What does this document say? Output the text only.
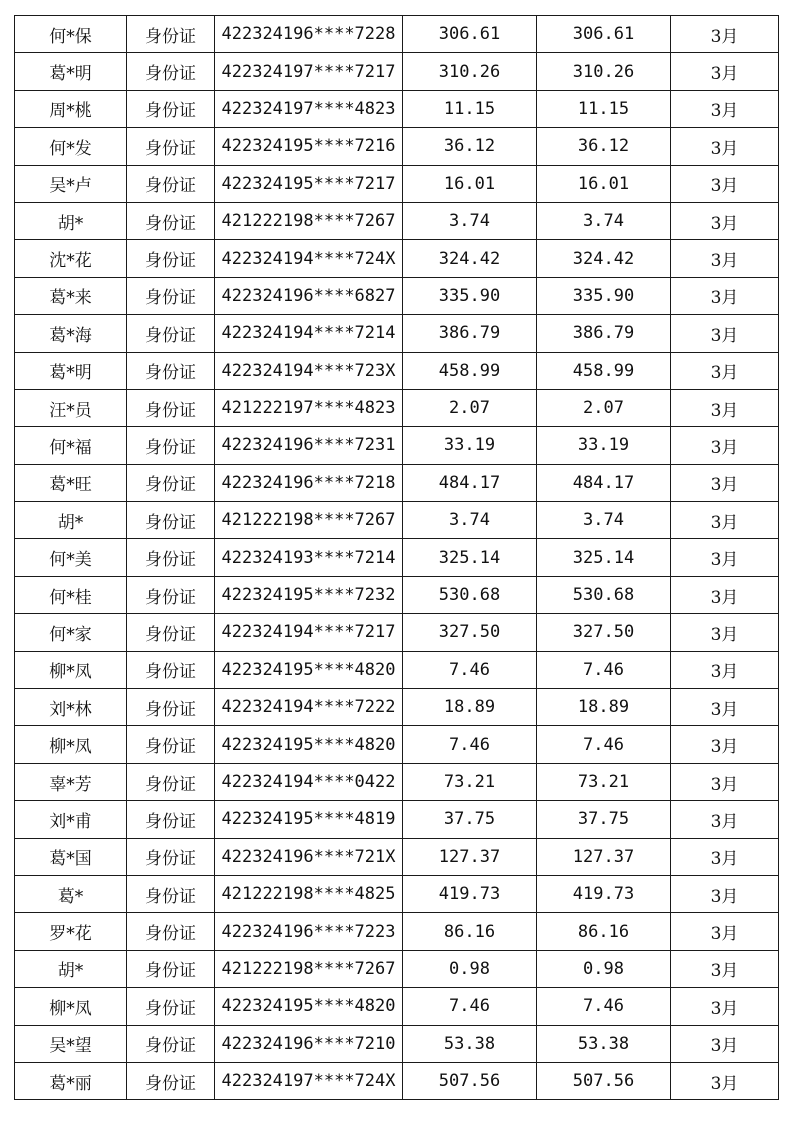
何*保	身份证	422324196****7228	306.61	306.61	3月
葛*明	身份证	422324197****7217	310.26	310.26	3月
周*桃	身份证	422324197****4823	11.15	11.15	3月
何*发	身份证	422324195****7216	36.12	36.12	3月
吴*卢	身份证	422324195****7217	16.01	16.01	3月
胡*	身份证	421222198****7267	3.74	3.74	3月
沈*花	身份证	422324194****724X	324.42	324.42	3月
葛*来	身份证	422324196****6827	335.90	335.90	3月
葛*海	身份证	422324194****7214	386.79	386.79	3月
葛*明	身份证	422324194****723X	458.99	458.99	3月
汪*员	身份证	421222197****4823	2.07	2.07	3月
何*福	身份证	422324196****7231	33.19	33.19	3月
葛*旺	身份证	422324196****7218	484.17	484.17	3月
胡*	身份证	421222198****7267	3.74	3.74	3月
何*美	身份证	422324193****7214	325.14	325.14	3月
何*桂	身份证	422324195****7232	530.68	530.68	3月
何*家	身份证	422324194****7217	327.50	327.50	3月
柳*凤	身份证	422324195****4820	7.46	7.46	3月
刘*林	身份证	422324194****7222	18.89	18.89	3月
柳*凤	身份证	422324195****4820	7.46	7.46	3月
辜*芳	身份证	422324194****0422	73.21	73.21	3月
刘*甫	身份证	422324195****4819	37.75	37.75	3月
葛*国	身份证	422324196****721X	127.37	127.37	3月
葛*	身份证	421222198****4825	419.73	419.73	3月
罗*花	身份证	422324196****7223	86.16	86.16	3月
胡*	身份证	421222198****7267	0.98	0.98	3月
柳*凤	身份证	422324195****4820	7.46	7.46	3月
吴*望	身份证	422324196****7210	53.38	53.38	3月
葛*丽	身份证	422324197****724X	507.56	507.56	3月
